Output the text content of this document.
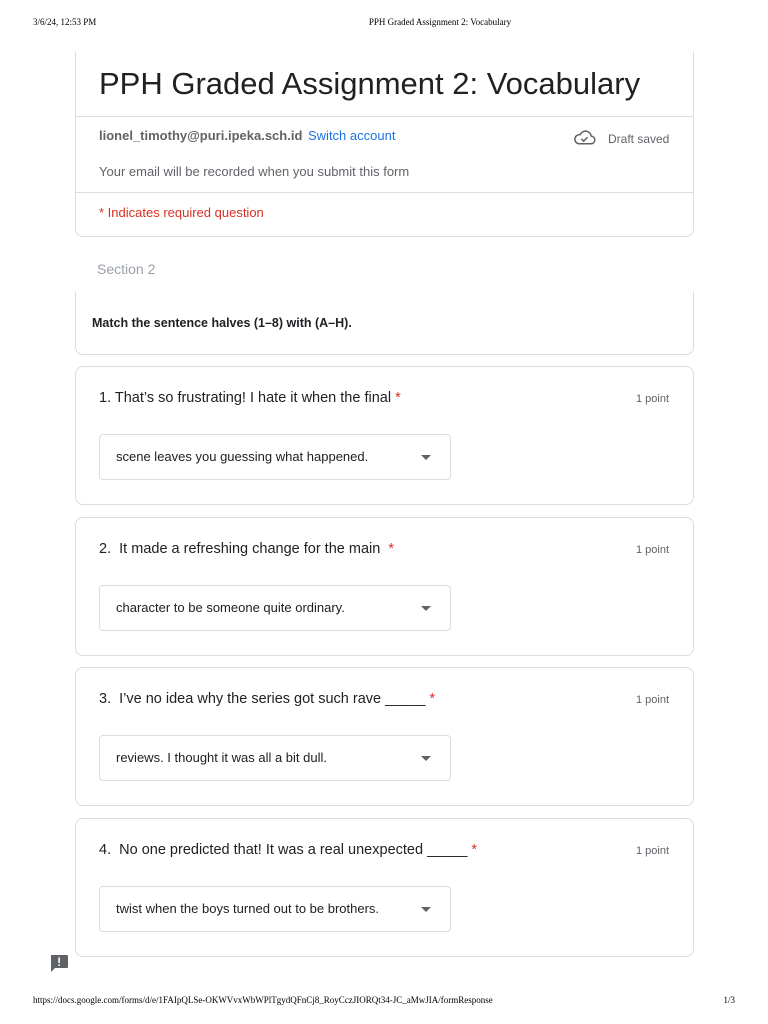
3/6/24, 12:53 PM	PPH Graded Assignment 2: Vocabulary
PPH Graded Assignment 2: Vocabulary
lionel_timothy@puri.ipeka.sch.id Switch account	Draft saved
Your email will be recorded when you submit this form
* Indicates required question
Section 2
Match the sentence halves (1–8) with (A–H).
1. That’s so frustrating! I hate it when the final *	1 point
scene leaves you guessing what happened.
2.  It made a refreshing change for the main  *	1 point
character to be someone quite ordinary.
3.  I’ve no idea why the series got such rave _____ *	1 point
reviews. I thought it was all a bit dull.
4.  No one predicted that! It was a real unexpected _____ *	1 point
twist when the boys turned out to be brothers.
https://docs.google.com/forms/d/e/1FAIpQLSe-OKWVvxWbWPlTgydQFnCj8_RoyCczJIORQt34-JC_aMwJIA/formResponse	1/3
